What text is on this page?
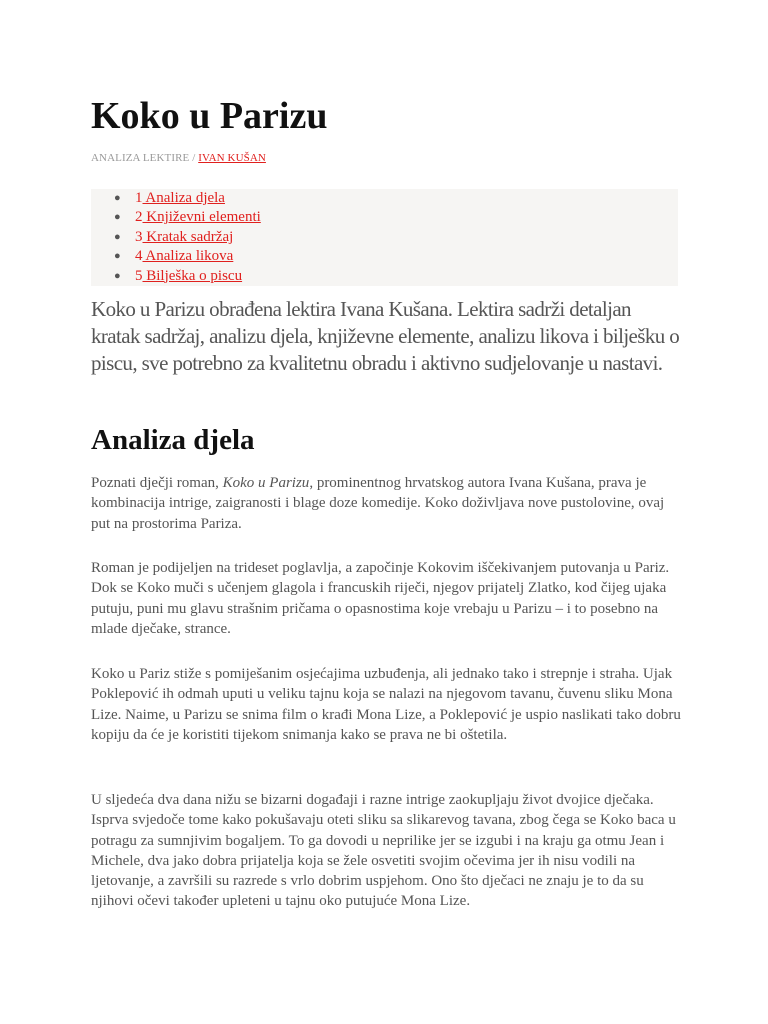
Koko u Parizu
ANALIZA LEKTIRE / IVAN KUŠAN
● 1 Analiza djela
● 2 Književni elementi
● 3 Kratak sadržaj
● 4 Analiza likova
● 5 Bilješka o piscu

Koko u Parizu obrađena lektira Ivana Kušana. Lektira sadrži detaljan kratak sadržaj, analizu djela, književne elemente, analizu likova i bilješku o piscu, sve potrebno za kvalitetnu obradu i aktivno sudjelovanje u nastavi.

Analiza djela

Poznati dječji roman, Koko u Parizu, prominentnog hrvatskog autora Ivana Kušana, prava je kombinacija intrige, zaigranosti i blage doze komedije. Koko doživljava nove pustolovine, ovaj put na prostorima Pariza.

Roman je podijeljen na trideset poglavlja, a započinje Kokovim iščekivanjem putovanja u Pariz. Dok se Koko muči s učenjem glagola i francuskih riječi, njegov prijatelj Zlatko, kod čijeg ujaka putuju, puni mu glavu strašnim pričama o opasnostima koje vrebaju u Parizu – i to posebno na mlade dječake, strance.

Koko u Pariz stiže s pomiješanim osjećajima uzbuđenja, ali jednako tako i strepnje i straha. Ujak Poklepović ih odmah uputi u veliku tajnu koja se nalazi na njegovom tavanu, čuvenu sliku Mona Lize. Naime, u Parizu se snima film o krađi Mona Lize, a Poklepović je uspio naslikati tako dobru kopiju da će je koristiti tijekom snimanja kako se prava ne bi oštetila.

U sljedeća dva dana nižu se bizarni događaji i razne intrige zaokupljaju život dvojice dječaka. Isprva svjedoče tome kako pokušavaju oteti sliku sa slikarevog tavana, zbog čega se Koko baca u potragu za sumnjivim bogaljem. To ga dovodi u neprilike jer se izgubi i na kraju ga otmu Jean i Michele, dva jako dobra prijatelja koja se žele osvetiti svojim očevima jer ih nisu vodili na ljetovanje, a završili su razrede s vrlo dobrim uspjehom. Ono što dječaci ne znaju je to da su njihovi očevi također upleteni u tajnu oko putujuće Mona Lize.
